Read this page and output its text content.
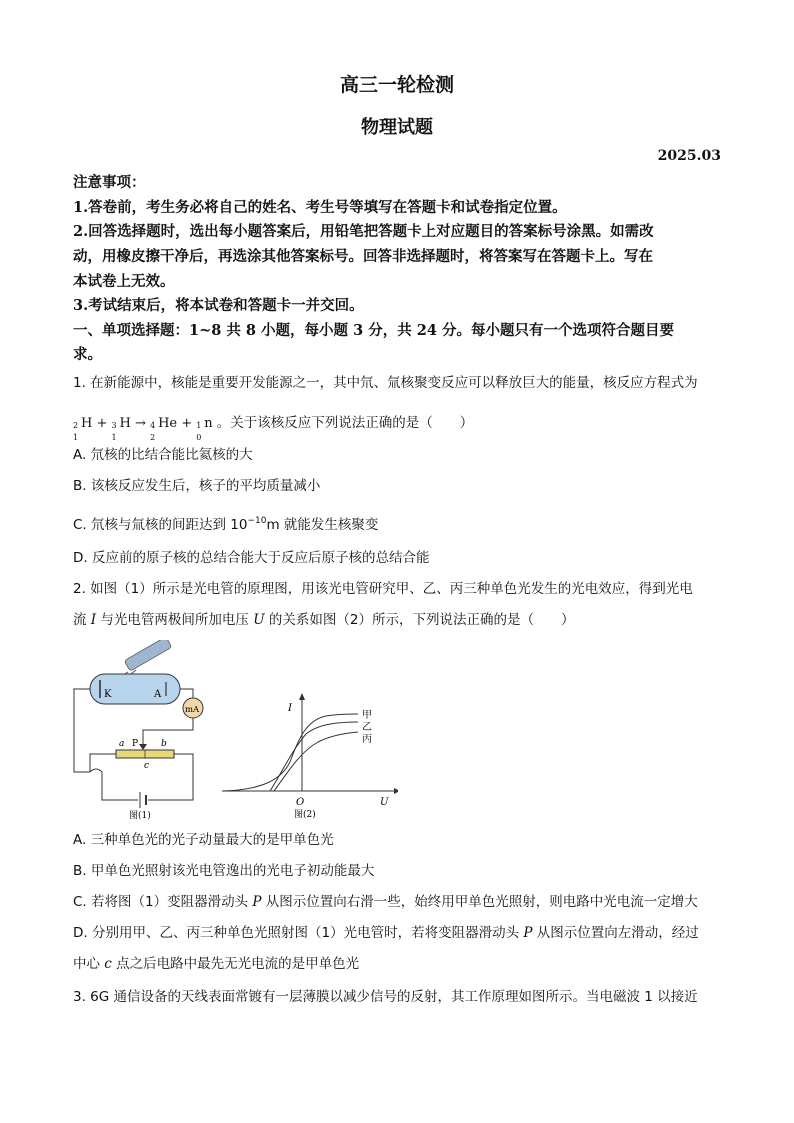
高三一轮检测
物理试题
2025.03
注意事项：
1.答卷前，考生务必将自己的姓名、考生号等填写在答题卡和试卷指定位置。
2.回答选择题时，选出每小题答案后，用铅笔把答题卡上对应题目的答案标号涂黑。如需改
动，用橡皮擦干净后，再选涂其他答案标号。回答非选择题时，将答案写在答题卡上。写在
本试卷上无效。
3.考试结束后，将本试卷和答题卡一并交回。
一、单项选择题：1~8 共 8 小题，每小题 3 分，共 24 分。每小题只有一个选项符合题目要
求。
1. 在新能源中，核能是重要开发能源之一，其中氘、氚核聚变反应可以释放巨大的能量，核反应方程式为
2
1
H + 3
1
H → 4
2
He + 1
0
n 。关于该核反应下列说法正确的是（　　）
A. 氘核的比结合能比氦核的大
B. 该核反应发生后，核子的平均质量减小
C. 氘核与氚核的间距达到 $10^{-10}m$ 就能发生核聚变
D. 反应前的原子核的总结合能大于反应后原子核的总结合能
2. 如图（1）所示是光电管的原理图，用该光电管研究甲、乙、丙三种单色光发生的光电效应，得到光电
流 I 与光电管两极间所加电压 U 的关系如图（2）所示，下列说法正确的是（　　）
K	A
mA
a P	b
c
图(1)
I
O	U
甲
乙
丙
图(2)
A. 三种单色光的光子动量最大的是甲单色光
B. 甲单色光照射该光电管逸出的光电子初动能最大
C. 若将图（1）变阻器滑动头 P 从图示位置向右滑一些，始终用甲单色光照射，则电路中光电流一定增大
D. 分别用甲、乙、丙三种单色光照射图（1）光电管时，若将变阻器滑动头 P 从图示位置向左滑动，经过
中心 c 点之后电路中最先无光电流的是甲单色光
3. 6G 通信设备的天线表面常镀有一层薄膜以减少信号的反射，其工作原理如图所示。当电磁波 1 以接近
